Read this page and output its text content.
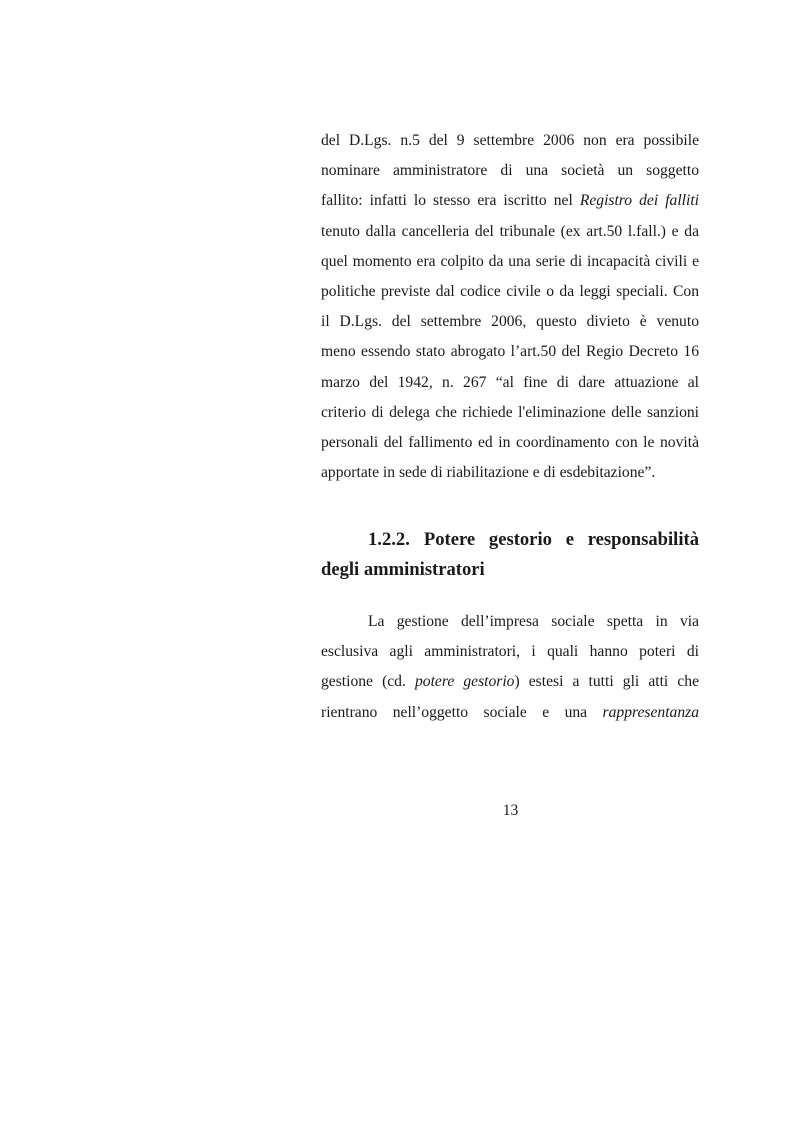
del D.Lgs. n.5 del 9 settembre 2006 non era possibile
nominare amministratore di una società un soggetto
fallito: infatti lo stesso era iscritto nel Registro dei falliti
tenuto dalla cancelleria del tribunale (ex art.50 l.fall.) e da
quel momento era colpito da una serie di incapacità civili e
politiche previste dal codice civile o da leggi speciali. Con
il D.Lgs. del settembre 2006, questo divieto è venuto
meno essendo stato abrogato l’art.50 del Regio Decreto 16
marzo del 1942, n. 267 “al fine di dare attuazione al
criterio di delega che richiede l'eliminazione delle sanzioni
personali del fallimento ed in coordinamento con le novità
apportate in sede di riabilitazione e di esdebitazione”.
1.2.2. Potere gestorio e responsabilità
degli amministratori
La gestione dell’impresa sociale spetta in via
esclusiva agli amministratori, i quali hanno poteri di
gestione (cd. potere gestorio) estesi a tutti gli atti che
rientrano nell’oggetto sociale e una rappresentanza
13
